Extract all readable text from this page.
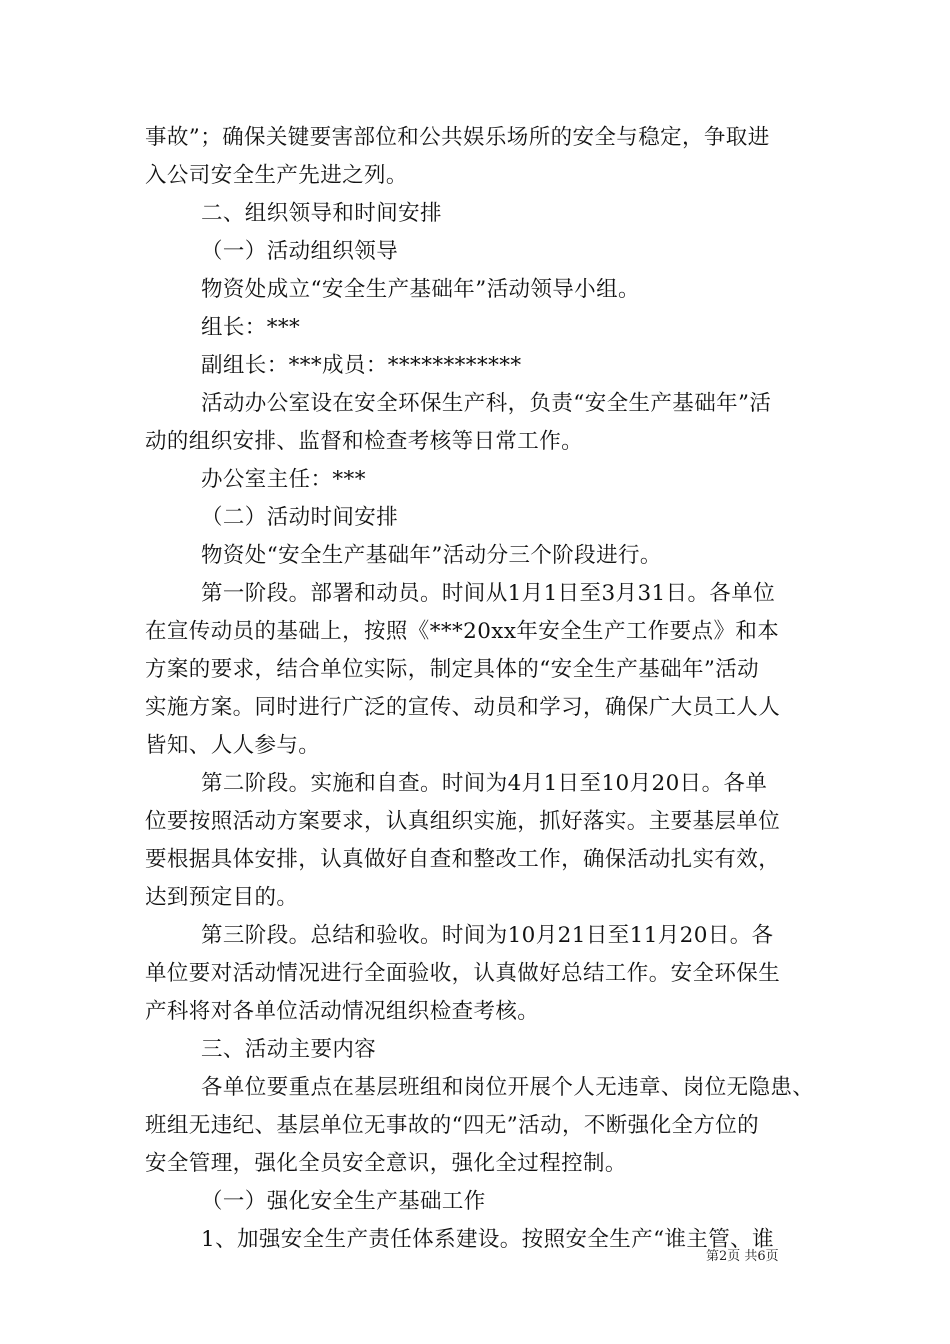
事故”；确保关键要害部位和公共娱乐场所的安全与稳定，争取进
入公司安全生产先进之列。
二、组织领导和时间安排
（一）活动组织领导
物资处成立“安全生产基础年”活动领导小组。
组长：***
副组长：***成员：************
活动办公室设在安全环保生产科，负责“安全生产基础年”活
动的组织安排、监督和检查考核等日常工作。
办公室主任：***
（二）活动时间安排
物资处“安全生产基础年”活动分三个阶段进行。
第一阶段。部署和动员。时间从1月1日至3月31日。各单位
在宣传动员的基础上，按照《***20xx年安全生产工作要点》和本
方案的要求，结合单位实际，制定具体的“安全生产基础年”活动
实施方案。同时进行广泛的宣传、动员和学习，确保广大员工人人
皆知、人人参与。
第二阶段。实施和自查。时间为4月1日至10月20日。各单
位要按照活动方案要求，认真组织实施，抓好落实。主要基层单位
要根据具体安排，认真做好自查和整改工作，确保活动扎实有效，
达到预定目的。
第三阶段。总结和验收。时间为10月21日至11月20日。各
单位要对活动情况进行全面验收，认真做好总结工作。安全环保生
产科将对各单位活动情况组织检查考核。
三、活动主要内容
各单位要重点在基层班组和岗位开展个人无违章、岗位无隐患、
班组无违纪、基层单位无事故的“四无”活动，不断强化全方位的
安全管理，强化全员安全意识，强化全过程控制。
（一）强化安全生产基础工作
1、加强安全生产责任体系建设。按照安全生产“谁主管、谁
第2页 共6页
